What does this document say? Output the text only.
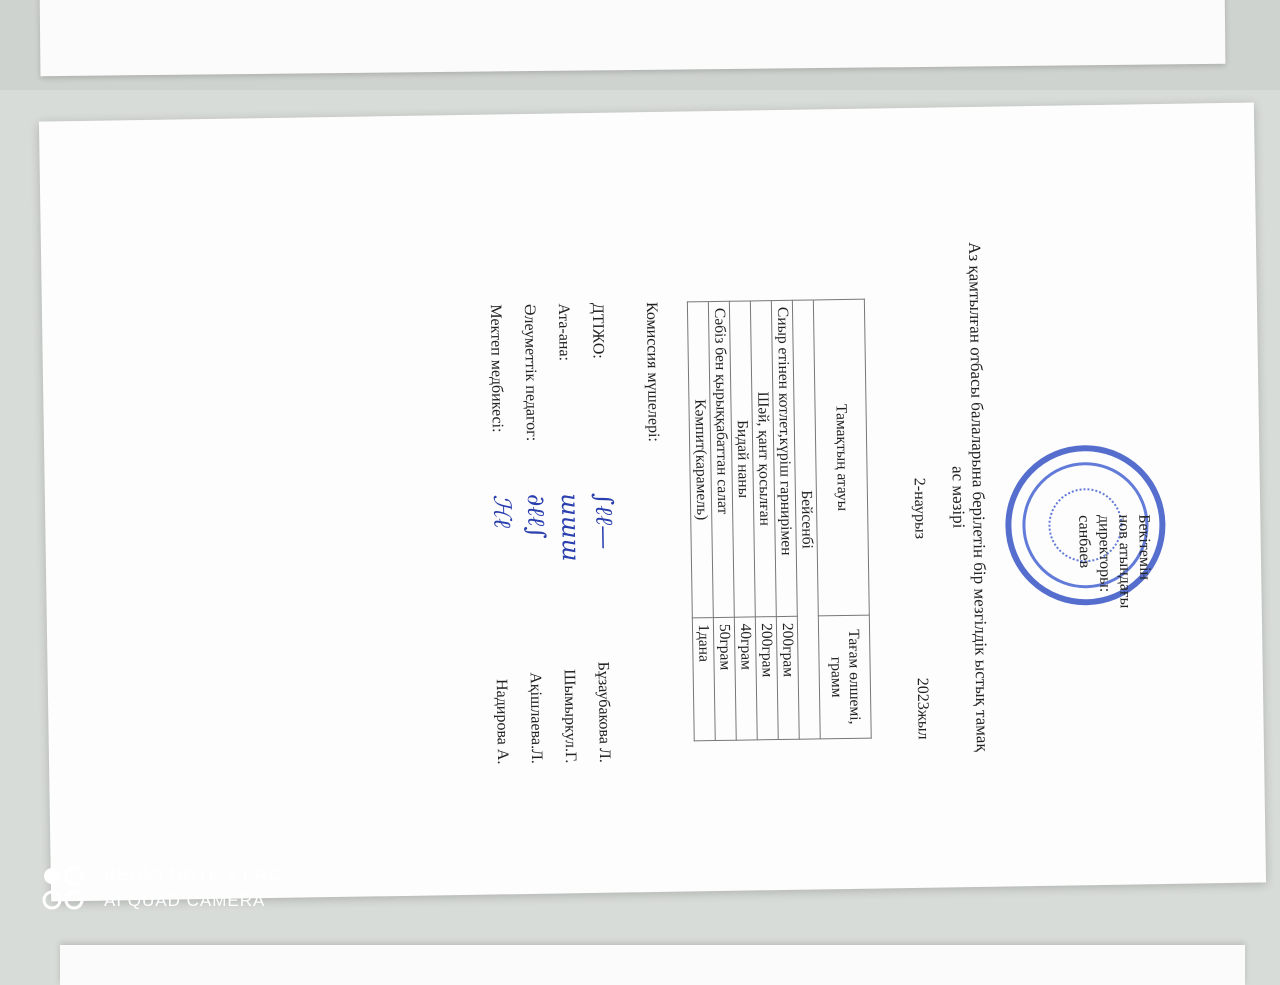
Бекітемін
нов атындағы
директоры:
санбаев
Аз қамтылған отбасы балаларына берілетін бір мезгілдік ыстық тамақ
ас мәзірі
2-наурыз
2023жыл
Тамақтың атауы	Тағам өлшемі, грамм
Бейсенбі	
Сиыр етінен котлет,күріш гарнирімен	200грам
Шәй, қант қосылған	200грам
Бидай наны	40грам
Сәбіз бен қырыққабаттан салат	50грам
Кәмпит(карамель)	1дана
Комиссия мүшелері:
ДТІЖО:
∫ℓℓ—
Бұзаубакова Л.
Ата-ана:
ɯɯɯ
Шымыркул.Г.
Әлеуметтік педагог:
∂ℓℓ∫
Ақішлаева.Л.
Мектеп медбикесі:
ℋℓ
Надирова А.
REDMI NOTE 9 PRO
AI QUAD CAMERA
